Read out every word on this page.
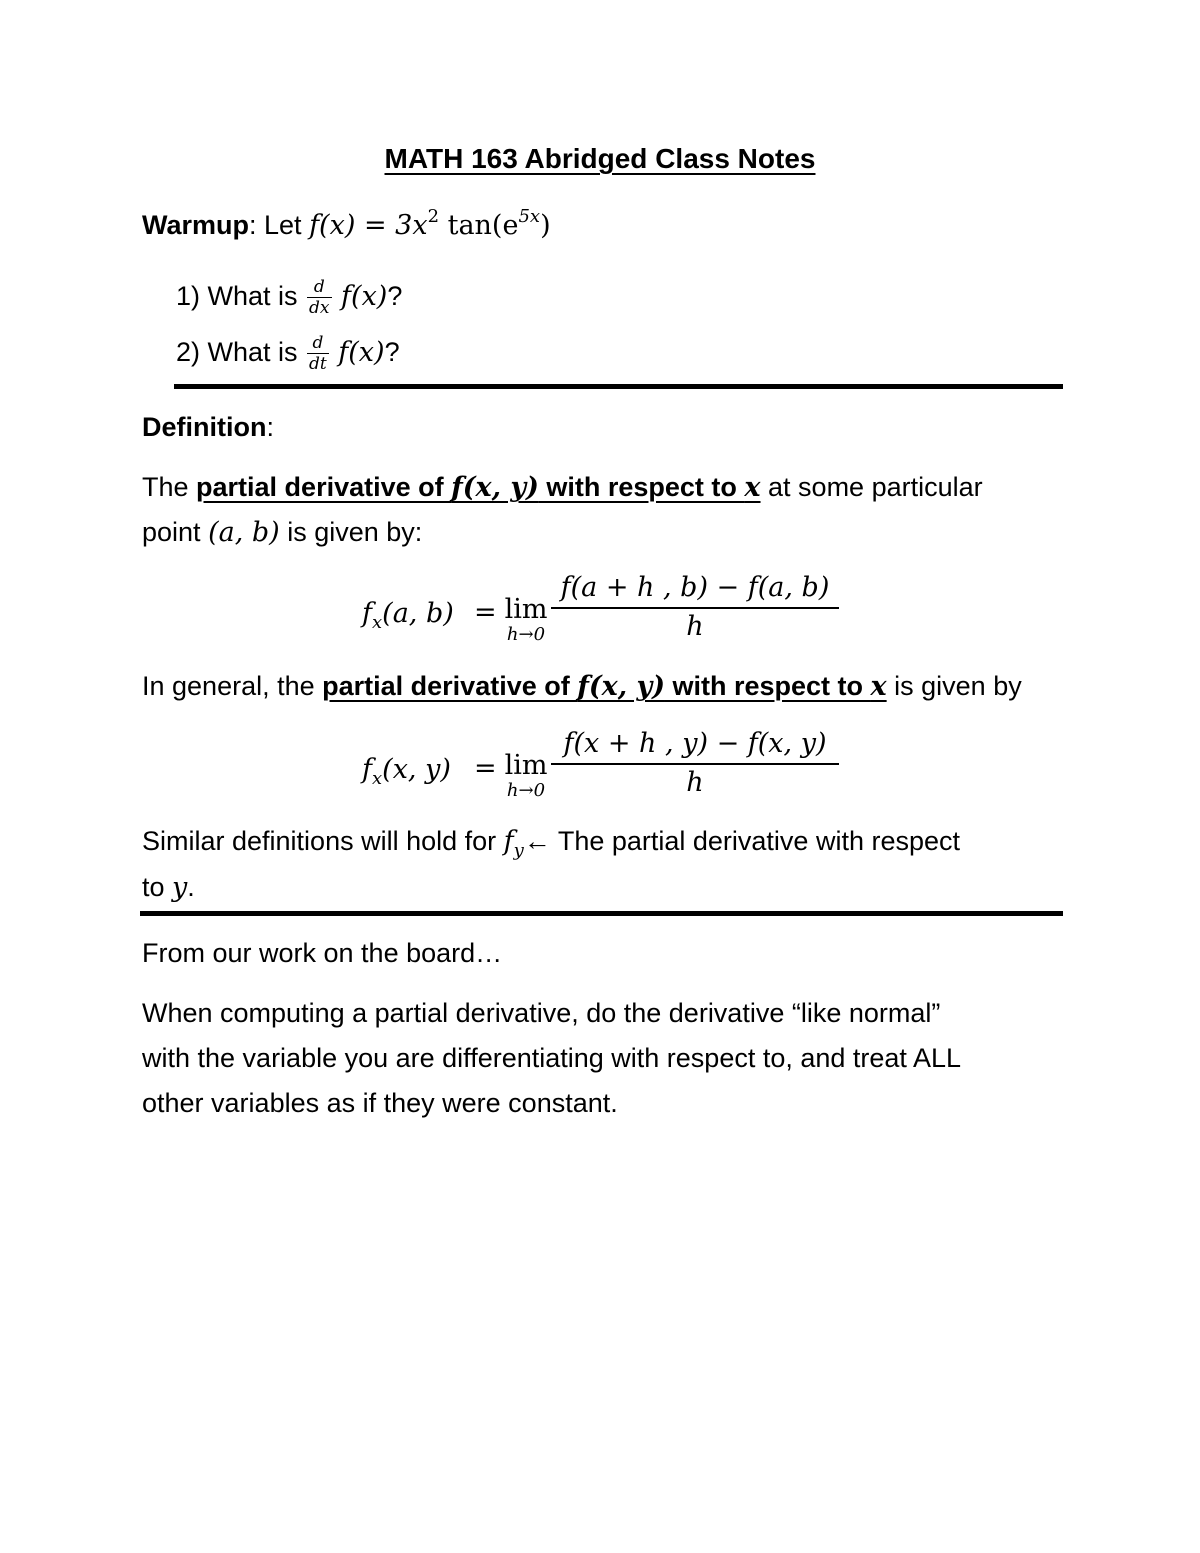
MATH 163 Abridged Class Notes
Warmup: Let $f(x) = 3x^2$ $\tan(e^{5x})$
1) What is $\frac{d}{dx} f(x)$?
2) What is $\frac{d}{dt} f(x)$?
Definition:
The partial derivative of f(x, y) with respect to x at some particular
point (a, b) is given by:
$f_x(a$, b) = lim
$h\to 0 \frac{f(a + h , b) - f(a, b)}{h}$
In general, the partial derivative of f(x, y) with respect to x is given by
$f_x(x$, y) = lim
$h\to 0 \frac{f(x + h , y) - f(x, y)}{h}$
Similar definitions will hold for $f_y\leftarrow$ The partial derivative with respect
to y.
From our work on the board…
When computing a partial derivative, do the derivative “like normal”
with the variable you are differentiating with respect to, and treat ALL
other variables as if they were constant.
